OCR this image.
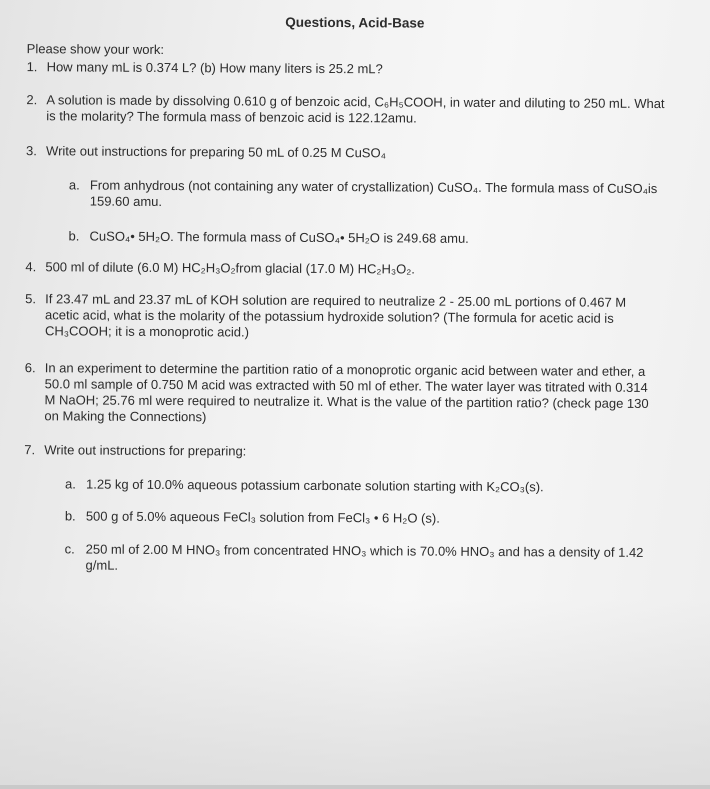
Questions, Acid-Base
Please show your work:
1. How many mL is 0.374 L? (b) How many liters is 25.2 mL?
2. A solution is made by dissolving 0.610 g of benzoic acid, C₆H₅COOH, in water and diluting to 250 mL. What
is the molarity? The formula mass of benzoic acid is 122.12amu.
3. Write out instructions for preparing 50 mL of 0.25 M CuSO₄
a. From anhydrous (not containing any water of crystallization) CuSO₄. The formula mass of CuSO₄is
159.60 amu.
b. CuSO₄• 5H₂O. The formula mass of CuSO₄• 5H₂O is 249.68 amu.
4. 500 ml of dilute (6.0 M) HC₂H₃O₂from glacial (17.0 M) HC₂H₃O₂.
5. If 23.47 mL and 23.37 mL of KOH solution are required to neutralize 2 - 25.00 mL portions of 0.467 M
acetic acid, what is the molarity of the potassium hydroxide solution? (The formula for acetic acid is
CH₃COOH; it is a monoprotic acid.)
6. In an experiment to determine the partition ratio of a monoprotic organic acid between water and ether, a
50.0 ml sample of 0.750 M acid was extracted with 50 ml of ether. The water layer was titrated with 0.314
M NaOH; 25.76 ml were required to neutralize it. What is the value of the partition ratio? (check page 130
on Making the Connections)
7. Write out instructions for preparing:
a. 1.25 kg of 10.0% aqueous potassium carbonate solution starting with K₂CO₃(s).
b. 500 g of 5.0% aqueous FeCl₃ solution from FeCl₃ • 6 H₂O (s).
c. 250 ml of 2.00 M HNO₃ from concentrated HNO₃ which is 70.0% HNO₃ and has a density of 1.42
g/mL.
